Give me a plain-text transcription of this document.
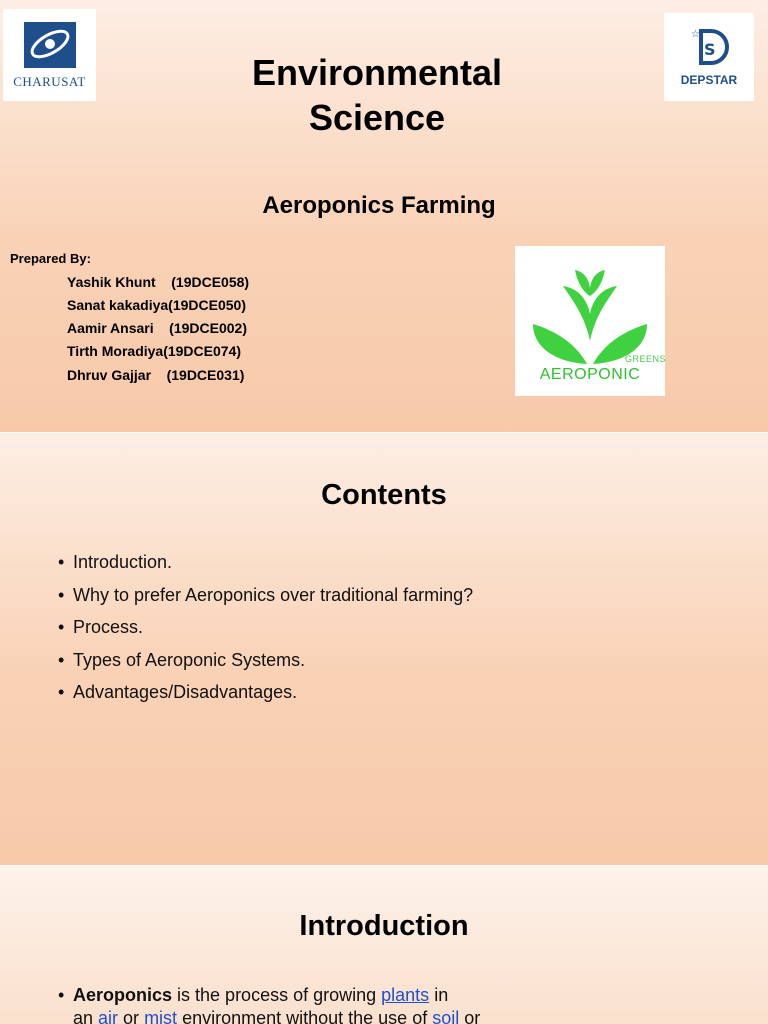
CHARUSAT
☆
S
DEPSTAR
Environmental
Science
Aeroponics Farming
Prepared By:
Yashik Khunt    (19DCE058)
Sanat kakadiya(19DCE050)
Aamir Ansari    (19DCE002)
Tirth Moradiya(19DCE074)
Dhruv Gajjar    (19DCE031)
GREENS
AEROPONIC
Contents
• Introduction.
• Why to prefer Aeroponics over traditional farming?
• Process.
• Types of Aeroponic Systems.
• Advantages/Disadvantages.
Introduction
• Aeroponics is the process of growing plants in
an air or mist environment without the use of soil or
